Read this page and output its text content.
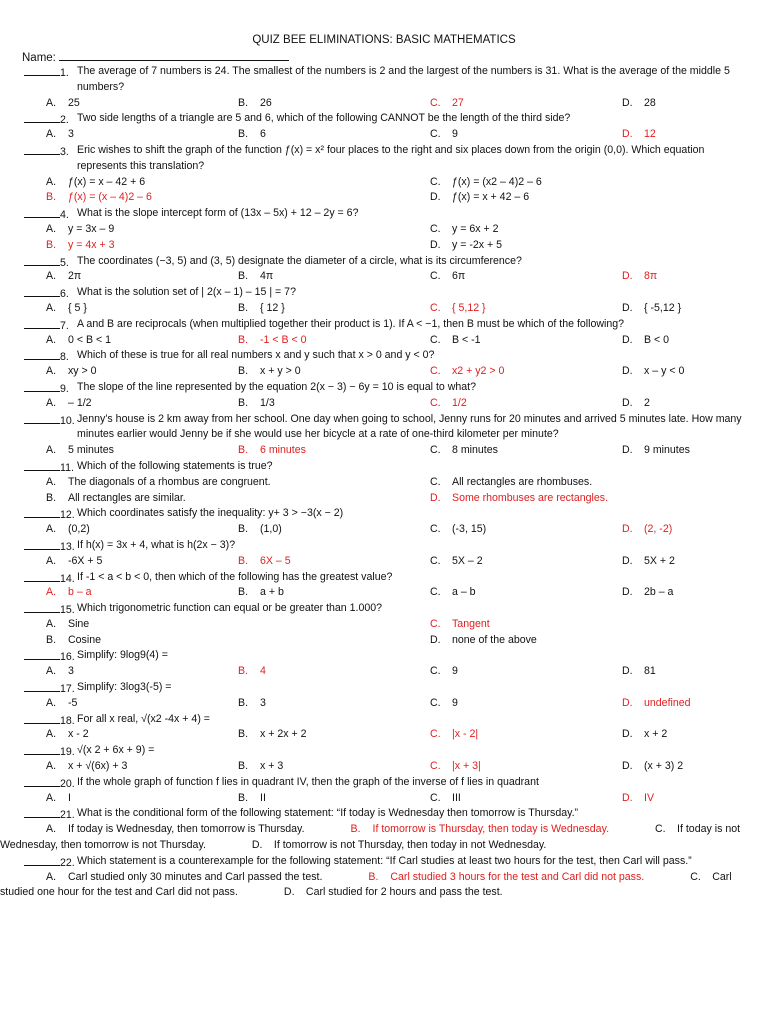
QUIZ BEE ELIMINATIONS: BASIC MATHEMATICS
Name:
1. The average of 7 numbers is 24. The smallest of the numbers is 2 and the largest of the numbers is 31. What is the average of the middle 5 numbers?
A. 25	B. 26	C. 27	D. 28
2. Two side lengths of a triangle are 5 and 6, which of the following CANNOT be the length of the third side?
A. 3	B. 6	C. 9	D. 12
3. Eric wishes to shift the graph of the function ƒ(x) = x² four places to the right and six places down from the origin (0,0). Which equation represents this translation?
A. ƒ(x) = x – 42 + 6	C. ƒ(x) = (x2 – 4)2 – 6
B. ƒ(x) = (x – 4)2 – 6	D. ƒ(x) = x + 42 – 6
4. What is the slope intercept form of (13x – 5x) + 12 – 2y = 6?
A. y = 3x – 9	C. y = 6x + 2
B. y = 4x + 3	D. y = -2x + 5
5. The coordinates (−3, 5) and (3, 5) designate the diameter of a circle, what is its circumference?
A. 2π	B. 4π	C. 6π	D. 8π
6. What is the solution set of | 2(x – 1) – 15 | = 7?
A. { 5 }	B. { 12 }	C. { 5,12 }	D. { -5,12 }
7. A and B are reciprocals (when multiplied together their product is 1). If A < −1, then B must be which of the following?
A. 0 < B < 1	B. -1 < B < 0	C. B < -1	D. B < 0
8. Which of these is true for all real numbers x and y such that x > 0 and y < 0?
A. xy > 0	B. x + y > 0	C. x2 + y2 > 0	D. x – y < 0
9. The slope of the line represented by the equation 2(x − 3) − 6y = 10 is equal to what?
A. – 1/2	B. 1/3	C. 1/2	D. 2
10. Jenny’s house is 2 km away from her school. One day when going to school, Jenny runs for 20 minutes and arrived 5 minutes late. How many minutes earlier would Jenny be if she would use her bicycle at a rate of one-third kilometer per minute?
A. 5 minutes	B. 6 minutes	C. 8 minutes	D. 9 minutes
11. Which of the following statements is true?
A. The diagonals of a rhombus are congruent.	C. All rectangles are rhombuses.
B. All rectangles are similar.	D. Some rhombuses are rectangles.
12. Which coordinates satisfy the inequality: y+ 3 > −3(x − 2)
A. (0,2)	B. (1,0)	C. (-3, 15)	D. (2, -2)
13. If h(x) = 3x + 4, what is h(2x − 3)?
A. -6X + 5	B. 6X – 5	C. 5X – 2	D. 5X + 2
14. If -1 < a < b < 0, then which of the following has the greatest value?
A. b – a	B. a + b	C. a – b	D. 2b – a
15. Which trigonometric function can equal or be greater than 1.000?
A. Sine	C. Tangent
B. Cosine	D. none of the above
16. Simplify: 9log9(4) =
A. 3	B. 4	C. 9	D. 81
17. Simplify: 3log3(-5) =
A. -5	B. 3	C. 9	D. undefined
18. For all x real, √(x2 -4x + 4) =
A. x - 2	B. x + 2x + 2	C. |x - 2|	D. x + 2
19. √(x 2 + 6x + 9) =
A. x + √(6x) + 3	B. x + 3	C. |x + 3|	D. (x + 3) 2
20. If the whole graph of function f lies in quadrant IV, then the graph of the inverse of f lies in quadrant
A. I	B. II	C. III	D. IV
21. What is the conditional form of the following statement: “If today is Wednesday then tomorrow is Thursday.”
A. If today is Wednesday, then tomorrow is Thursday.	B. If tomorrow is Thursday, then today is Wednesday.	C. If today is not Wednesday, then tomorrow is not Thursday.	D. If tomorrow is not Thursday, then today in not Wednesday.
22. Which statement is a counterexample for the following statement: “If Carl studies at least two hours for the test, then Carl will pass.”
A. Carl studied only 30 minutes and Carl passed the test.	B. Carl studied 3 hours for the test and Carl did not pass.	C. Carl studied one hour for the test and Carl did not pass.	D. Carl studied for 2 hours and pass the test.
